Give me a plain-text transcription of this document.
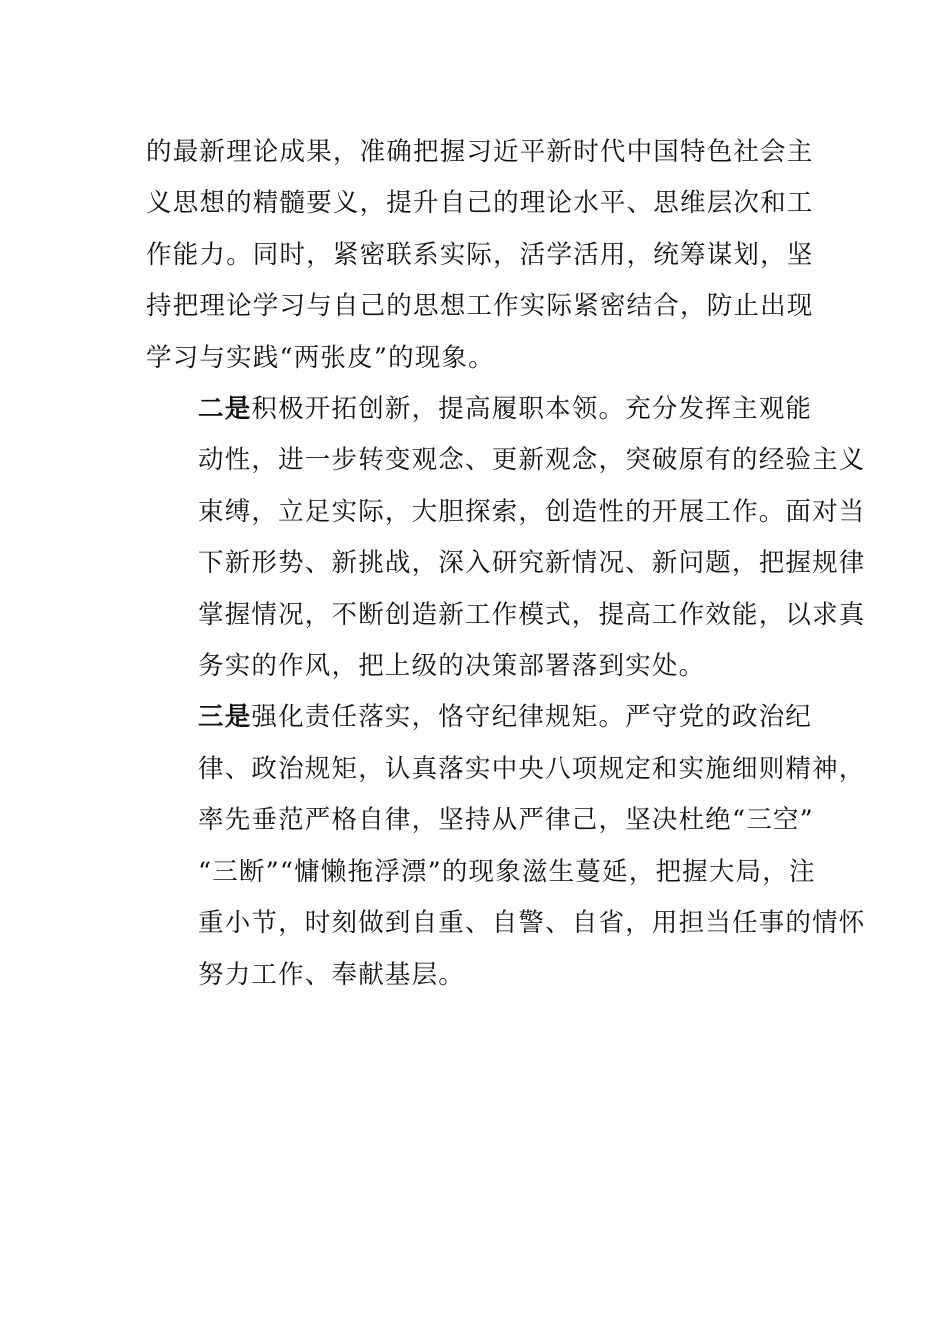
的最新理论成果，准确把握习近平新时代中国特色社会主
义思想的精髓要义，提升自己的理论水平、思维层次和工
作能力。同时，紧密联系实际，活学活用，统筹谋划，坚
持把理论学习与自己的思想工作实际紧密结合，防止出现
学习与实践“两张皮”的现象。

二是积极开拓创新，提高履职本领。充分发挥主观能
动性，进一步转变观念、更新观念，突破原有的经验主义
束缚，立足实际，大胆探索，创造性的开展工作。面对当
下新形势、新挑战，深入研究新情况、新问题，把握规律
掌握情况，不断创造新工作模式，提高工作效能，以求真
务实的作风，把上级的决策部署落到实处。

三是强化责任落实，恪守纪律规矩。严守党的政治纪
律、政治规矩，认真落实中央八项规定和实施细则精神，
率先垂范严格自律，坚持从严律己，坚决杜绝“三空”
“三断”“慵懒拖浮漂”的现象滋生蔓延，把握大局，注
重小节，时刻做到自重、自警、自省，用担当任事的情怀
努力工作、奉献基层。
